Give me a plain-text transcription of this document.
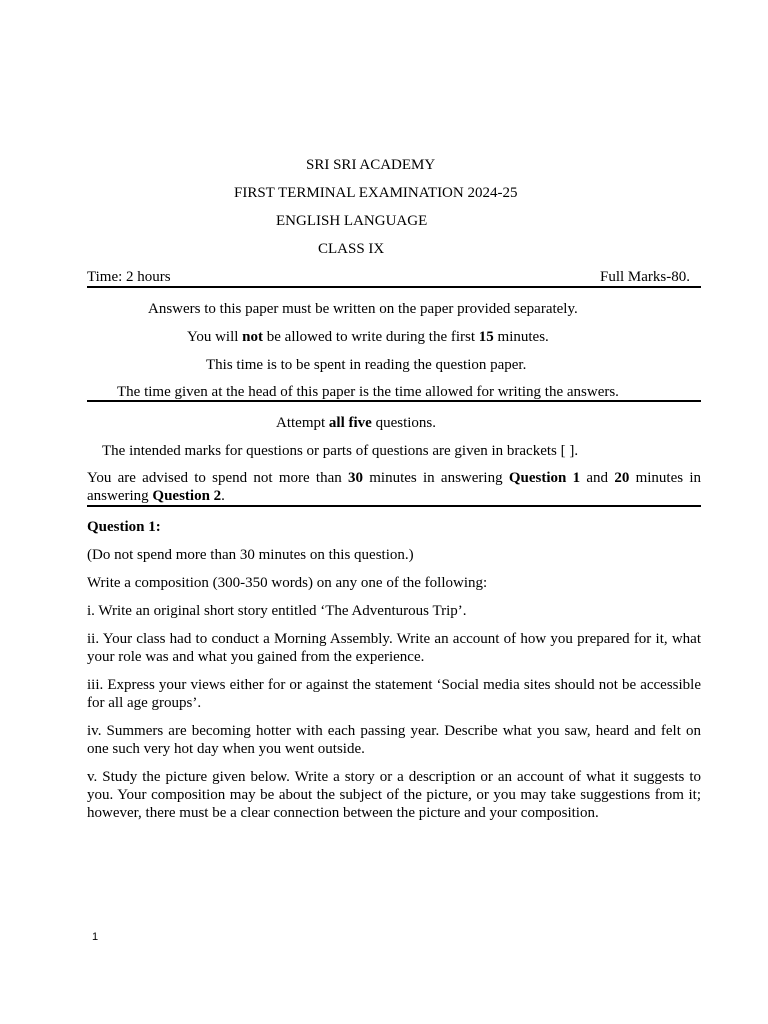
SRI SRI ACADEMY
FIRST TERMINAL EXAMINATION 2024-25
ENGLISH LANGUAGE
CLASS IX
Time: 2 hours	Full Marks-80.
Answers to this paper must be written on the paper provided separately.
You will not be allowed to write during the first 15 minutes.
This time is to be spent in reading the question paper.
The time given at the head of this paper is the time allowed for writing the answers.
Attempt all five questions.
The intended marks for questions or parts of questions are given in brackets [ ].
You are advised to spend not more than 30 minutes in answering Question 1 and 20 minutes in answering Question 2.
Question 1:
(Do not spend more than 30 minutes on this question.)
Write a composition (300-350 words) on any one of the following:
i. Write an original short story entitled ‘The Adventurous Trip’.
ii. Your class had to conduct a Morning Assembly. Write an account of how you prepared for it, what your role was and what you gained from the experience.
iii. Express your views either for or against the statement ‘Social media sites should not be accessible for all age groups’.
iv. Summers are becoming hotter with each passing year. Describe what you saw, heard and felt on one such very hot day when you went outside.
v. Study the picture given below. Write a story or a description or an account of what it suggests to you. Your composition may be about the subject of the picture, or you may take suggestions from it; however, there must be a clear connection between the picture and your composition.
1
